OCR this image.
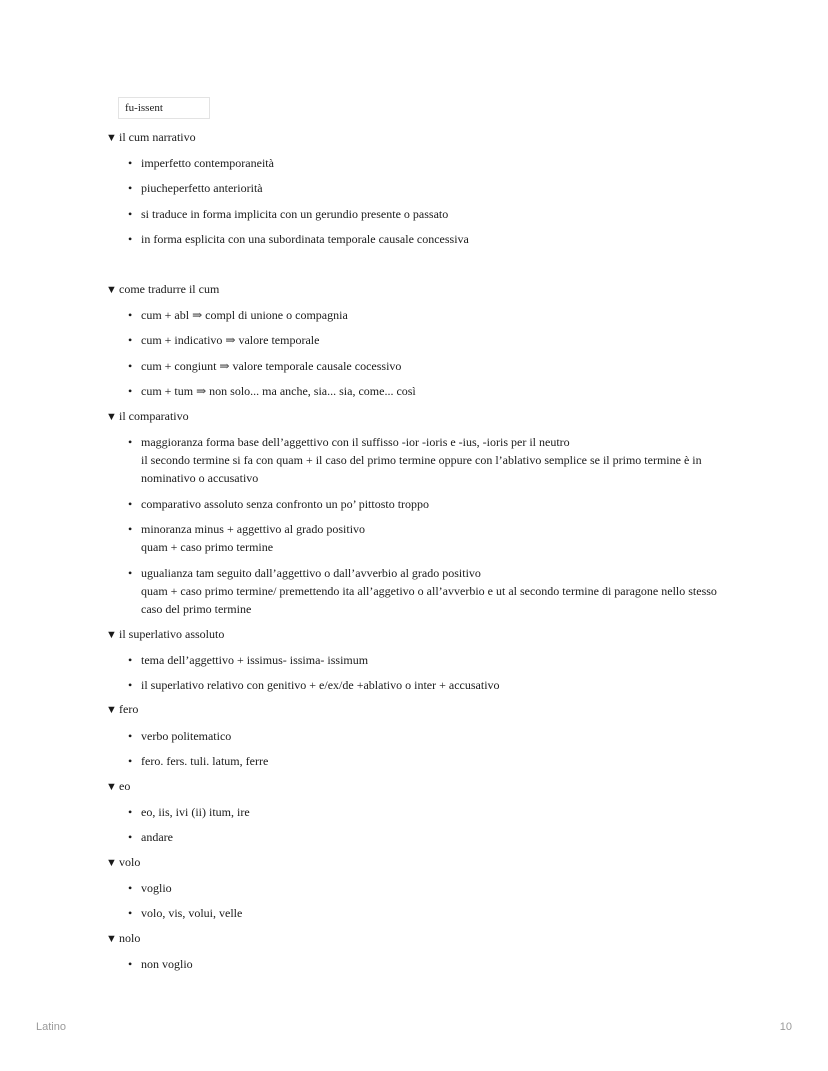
fu-issent
▼ il cum narrativo
• imperfetto contemporaneità
• piucheperfetto anteriorità
• si traduce in forma implicita con un gerundio presente o passato
• in forma esplicita con una subordinata temporale causale concessiva
▼ come tradurre il cum
• cum + abl ⇒ compl di unione o compagnia
• cum + indicativo ⇒ valore temporale
• cum + congiunt ⇒ valore temporale causale cocessivo
• cum + tum ⇒ non solo... ma anche, sia... sia, come... così
▼ il comparativo
• maggioranza forma base dell’aggettivo con il suffisso -ior -ioris e -ius, -ioris per il neutro
il secondo termine si fa con quam + il caso del primo termine oppure con l’ablativo semplice se il primo termine è in
nominativo o accusativo
• comparativo assoluto senza confronto un po’ pittosto troppo
• minoranza minus + aggettivo al grado positivo
quam + caso primo termine
• ugualianza tam seguito dall’aggettivo o dall’avverbio al grado positivo
quam + caso primo termine/ premettendo ita all’aggetivo o all’avverbio e ut al secondo termine di paragone nello stesso
caso del primo termine
▼ il superlativo assoluto
• tema dell’aggettivo + issimus- issima- issimum
• il superlativo relativo con genitivo + e/ex/de +ablativo o inter + accusativo
▼ fero
• verbo politematico
• fero. fers. tuli. latum, ferre
▼ eo
• eo, iis, ivi (ii) itum, ire
• andare
▼ volo
• voglio
• volo, vis, volui, velle
▼ nolo
• non voglio
Latino	10
